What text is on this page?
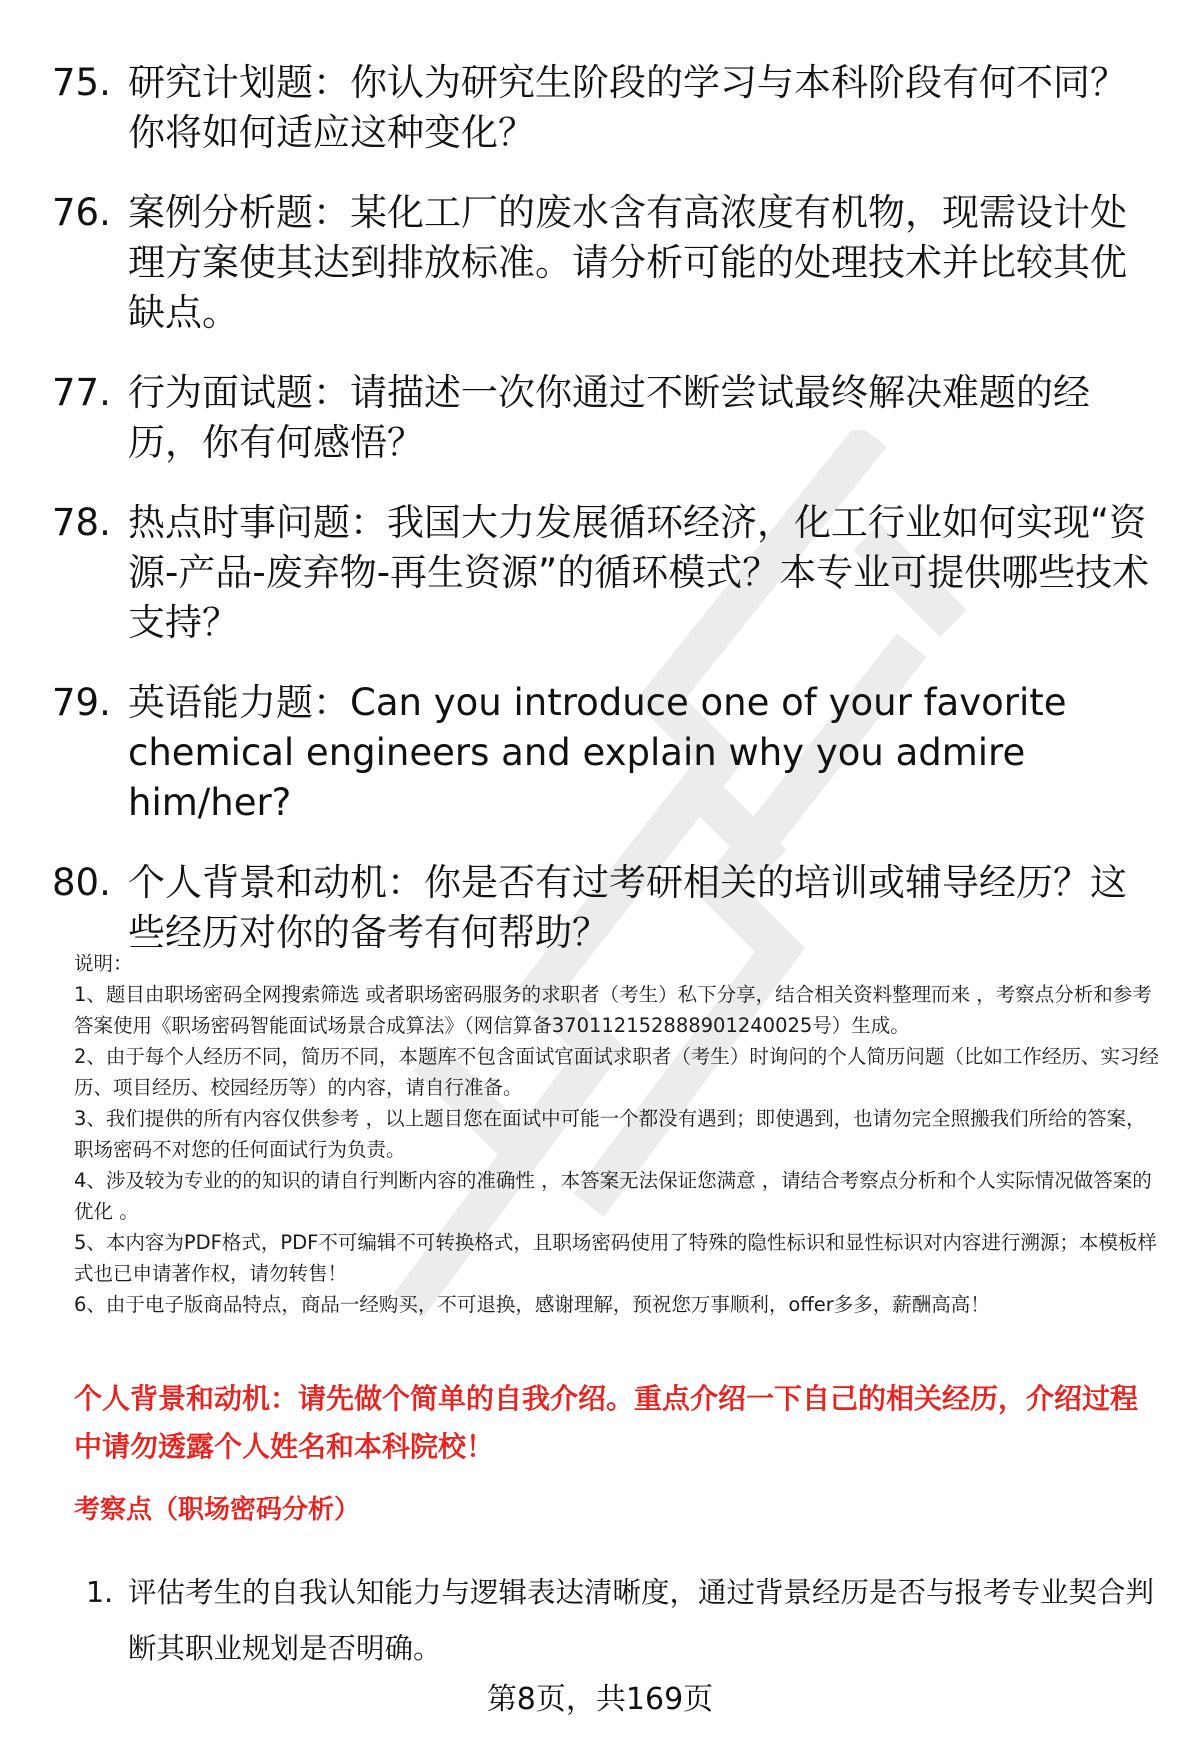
75. 研究计划题：你认为研究生阶段的学习与本科阶段有何不同？你将如何适应这种变化？
76. 案例分析题：某化工厂的废水含有高浓度有机物，现需设计处理方案使其达到排放标准。请分析可能的处理技术并比较其优缺点。
77. 行为面试题：请描述一次你通过不断尝试最终解决难题的经历，你有何感悟？
78. 热点时事问题：我国大力发展循环经济，化工行业如何实现“资源-产品-废弃物-再生资源”的循环模式？本专业可提供哪些技术支持？
79. 英语能力题：Can you introduce one of your favorite chemical engineers and explain why you admire him/her?
80. 个人背景和动机：你是否有过考研相关的培训或辅导经历？这些经历对你的备考有何帮助？

说明：

1、题目由职场密码全网搜索筛选 或者职场密码服务的求职者（考生）私下分享，结合相关资料整理而来 ，考察点分析和参考答案使用《职场密码智能面试场景合成算法》（网信算备370112152888901240025号）生成。

2、由于每个人经历不同，简历不同，本题库不包含面试官面试求职者（考生）时询问的个人简历问题（比如工作经历、实习经历、项目经历、校园经历等）的内容，请自行准备。

3、我们提供的所有内容仅供参考 ，以上题目您在面试中可能一个都没有遇到；即使遇到，也请勿完全照搬我们所给的答案，职场密码不对您的任何面试行为负责。

4、涉及较为专业的的知识的请自行判断内容的准确性 ，本答案无法保证您满意 ，请结合考察点分析和个人实际情况做答案的优化 。

5、本内容为PDF格式，PDF不可编辑不可转换格式，且职场密码使用了特殊的隐性标识和显性标识对内容进行溯源；本模板样式也已申请著作权，请勿转售！

6、由于电子版商品特点，商品一经购买，不可退换，感谢理解，预祝您万事顺利，offer多多，薪酬高高！

个人背景和动机：请先做个简单的自我介绍。重点介绍一下自己的相关经历，介绍过程中请勿透露个人姓名和本科院校！
考察点（职场密码分析）
1. 评估考生的自我认知能力与逻辑表达清晰度，通过背景经历是否与报考专业契合判断其职业规划是否明确。
第8页，共169页
